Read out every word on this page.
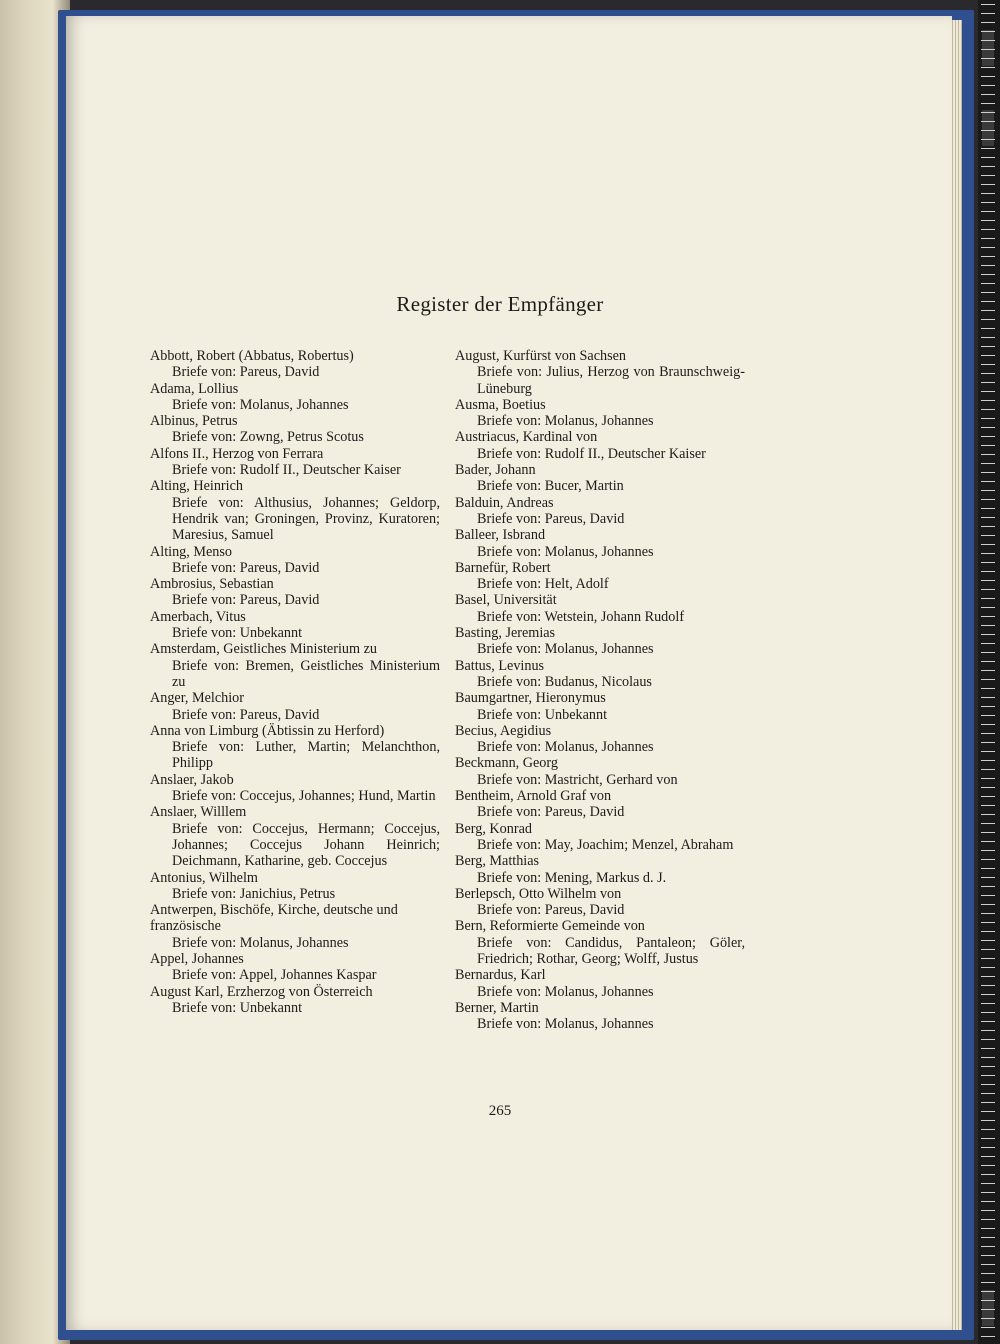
Register der Empfänger

Abbott, Robert (Abbatus, Robertus)

Briefe von: Pareus, David

Adama, Lollius

Briefe von: Molanus, Johannes

Albinus, Petrus

Briefe von: Zowng, Petrus Scotus

Alfons II., Herzog von Ferrara

Briefe von: Rudolf II., Deutscher Kaiser

Alting, Heinrich

Briefe von: Althusius, Johannes; Geldorp, Hendrik van; Groningen, Provinz, Kuratoren; Maresius, Samuel

Alting, Menso

Briefe von: Pareus, David

Ambrosius, Sebastian

Briefe von: Pareus, David

Amerbach, Vitus

Briefe von: Unbekannt

Amsterdam, Geistliches Ministerium zu

Briefe von: Bremen, Geistliches Ministerium zu

Anger, Melchior

Briefe von: Pareus, David

Anna von Limburg (Äbtissin zu Herford)

Briefe von: Luther, Martin; Melanchthon, Philipp

Anslaer, Jakob

Briefe von: Coccejus, Johannes; Hund, Martin

Anslaer, Willlem

Briefe von: Coccejus, Hermann; Coccejus, Johannes; Coccejus Johann Heinrich; Deichmann, Katharine, geb. Coccejus

Antonius, Wilhelm

Briefe von: Janichius, Petrus

Antwerpen, Bischöfe, Kirche, deutsche und französische

Briefe von: Molanus, Johannes

Appel, Johannes

Briefe von: Appel, Johannes Kaspar

August Karl, Erzherzog von Österreich

Briefe von: Unbekannt

August, Kurfürst von Sachsen

Briefe von: Julius, Herzog von Braunschweig-Lüneburg

Ausma, Boetius

Briefe von: Molanus, Johannes

Austriacus, Kardinal von

Briefe von: Rudolf II., Deutscher Kaiser

Bader, Johann

Briefe von: Bucer, Martin

Balduin, Andreas

Briefe von: Pareus, David

Balleer, Isbrand

Briefe von: Molanus, Johannes

Barnefür, Robert

Briefe von: Helt, Adolf

Basel, Universität

Briefe von: Wetstein, Johann Rudolf

Basting, Jeremias

Briefe von: Molanus, Johannes

Battus, Levinus

Briefe von: Budanus, Nicolaus

Baumgartner, Hieronymus

Briefe von: Unbekannt

Becius, Aegidius

Briefe von: Molanus, Johannes

Beckmann, Georg

Briefe von: Mastricht, Gerhard von

Bentheim, Arnold Graf von

Briefe von: Pareus, David

Berg, Konrad

Briefe von: May, Joachim; Menzel, Abraham

Berg, Matthias

Briefe von: Mening, Markus d. J.

Berlepsch, Otto Wilhelm von

Briefe von: Pareus, David

Bern, Reformierte Gemeinde von

Briefe von: Candidus, Pantaleon; Göler, Friedrich; Rothar, Georg; Wolff, Justus

Bernardus, Karl

Briefe von: Molanus, Johannes

Berner, Martin

Briefe von: Molanus, Johannes

265
